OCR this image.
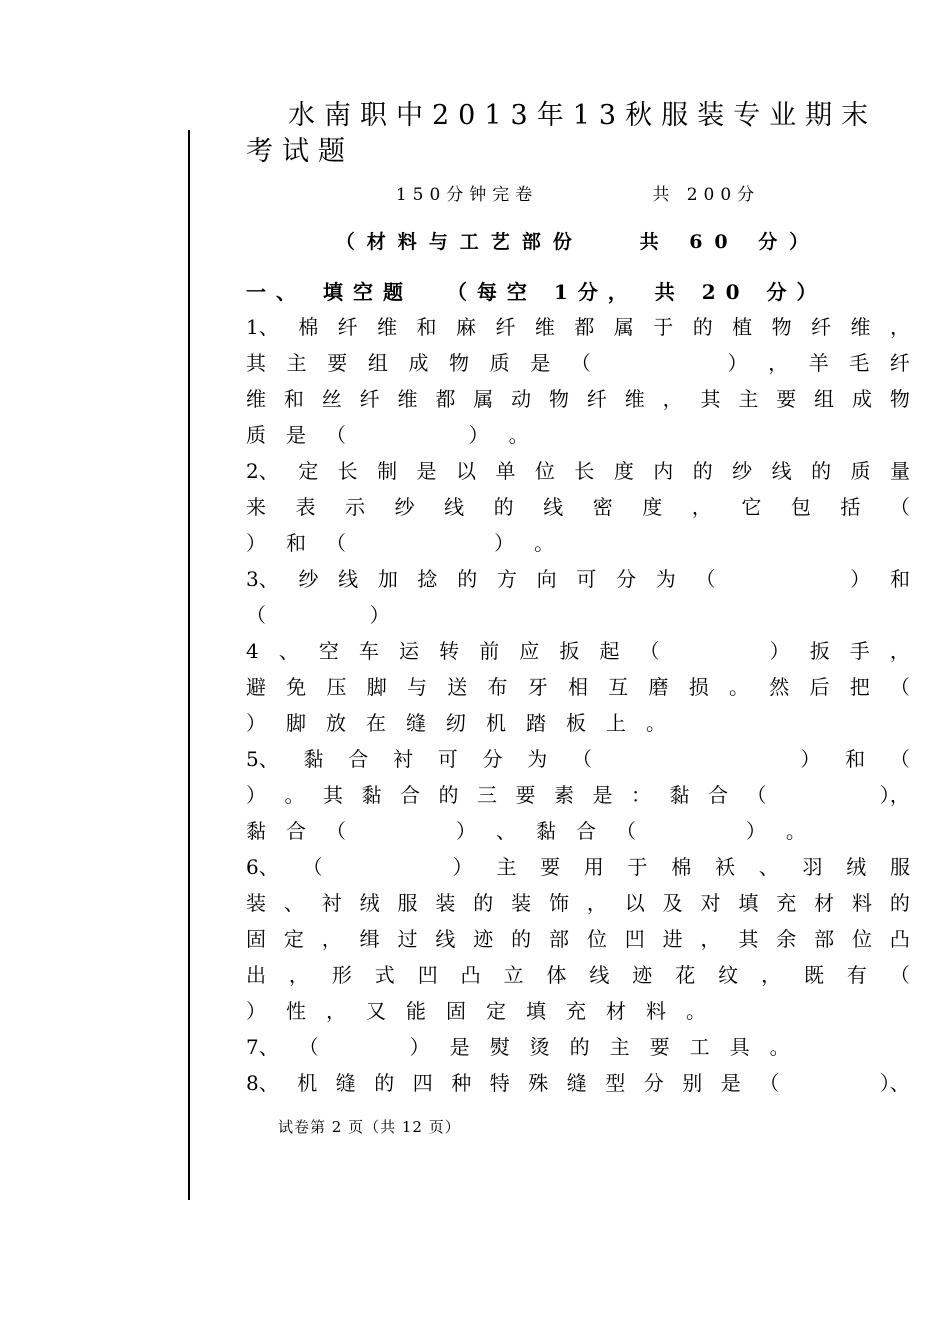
水南职中2013年13秋服装专业期末考试题
150分钟完卷          共 200分
（材料与工艺部份   共 60 分）
一、 填空题  （每空 1分， 共 20 分）
1、 棉 纤 维 和 麻 纤 维 都 属 于 的 植 物 纤 维 ，
其 主 要 组 成 物 质 是 （
	） ， 羊 毛 纤
维 和 丝 纤 维 都 属 动 物 纤 维 ， 其 主 要 组 成 物
质 是 （
	） 。
2、 定 长 制 是 以 单 位 长 度 内 的 纱 线 的 质 量
来 表 示 纱 线 的 线 密 度 ， 它 包 括 （
） 和 （
	） 。
3、 纱 线 加 捻 的 方 向 可 分 为 （
	） 和
（
	）
4 、 空 车 运 转 前 应 扳 起 （
	） 扳 手 ，
避 免 压 脚 与 送 布 牙 相 互 磨 损 。 然 后 把 （
） 脚 放 在 缝 纫 机 踏 板 上 。
5、 黏 合 衬 可 分 为 （
	） 和 （
） 。 其 黏 合 的 三 要 素 是 ： 黏 合 （
	），
黏 合 （
	） 、 黏 合 （
	） 。
6、 （
	） 主 要 用 于 棉 袄 、 羽 绒 服
装 、 衬 绒 服 装 的 装 饰 ， 以 及 对 填 充 材 料 的
固 定 ， 缉 过 线 迹 的 部 位 凹 进 ， 其 余 部 位 凸
出 ， 形 式 凹 凸 立 体 线 迹 花 纹 ， 既 有 （
） 性 ， 又 能 固 定 填 充 材 料 。
7、 （
	） 是 熨 烫 的 主 要 工 具 。
8、 机 缝 的 四 种 特 殊 缝 型 分 别 是 （
	）、
试卷第 2 页（共 12 页）
